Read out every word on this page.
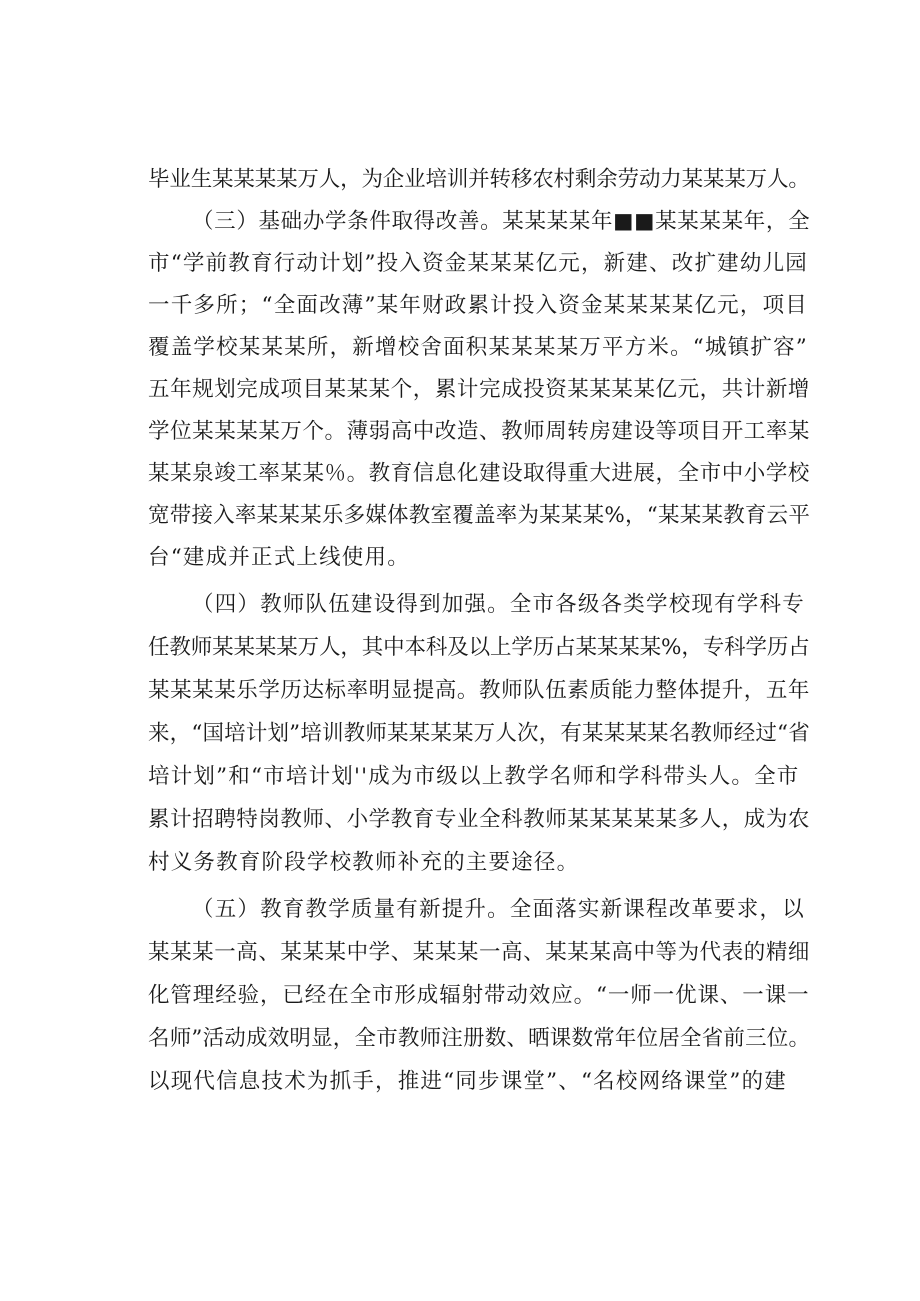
毕业生某某某某万人，为企业培训并转移农村剩余劳动力某某某万人。
（三）基础办学条件取得改善。某某某某年■■某某某某年，全
市“学前教育行动计划”投入资金某某某亿元，新建、改扩建幼儿园
一千多所；“全面改薄”某年财政累计投入资金某某某某亿元，项目
覆盖学校某某某所，新增校舍面积某某某某万平方米。“城镇扩容”
五年规划完成项目某某某个，累计完成投资某某某某亿元，共计新增
学位某某某某万个。薄弱高中改造、教师周转房建设等项目开工率某
某某泉竣工率某某％。教育信息化建设取得重大进展，全市中小学校
宽带接入率某某某乐多媒体教室覆盖率为某某某%，“某某某教育云平
台“建成并正式上线使用。
（四）教师队伍建设得到加强。全市各级各类学校现有学科专
任教师某某某某万人，其中本科及以上学历占某某某某%，专科学历占
某某某某乐学历达标率明显提高。教师队伍素质能力整体提升，五年
来，“国培计划”培训教师某某某某万人次，有某某某某名教师经过“省
培计划”和“市培计划''成为市级以上教学名师和学科带头人。全市
累计招聘特岗教师、小学教育专业全科教师某某某某某多人，成为农
村义务教育阶段学校教师补充的主要途径。
（五）教育教学质量有新提升。全面落实新课程改革要求，以
某某某一高、某某某中学、某某某一高、某某某高中等为代表的精细
化管理经验，已经在全市形成辐射带动效应。“一师一优课、一课一
名师”活动成效明显，全市教师注册数、晒课数常年位居全省前三位。
以现代信息技术为抓手，推进“同步课堂”、“名校网络课堂”的建
